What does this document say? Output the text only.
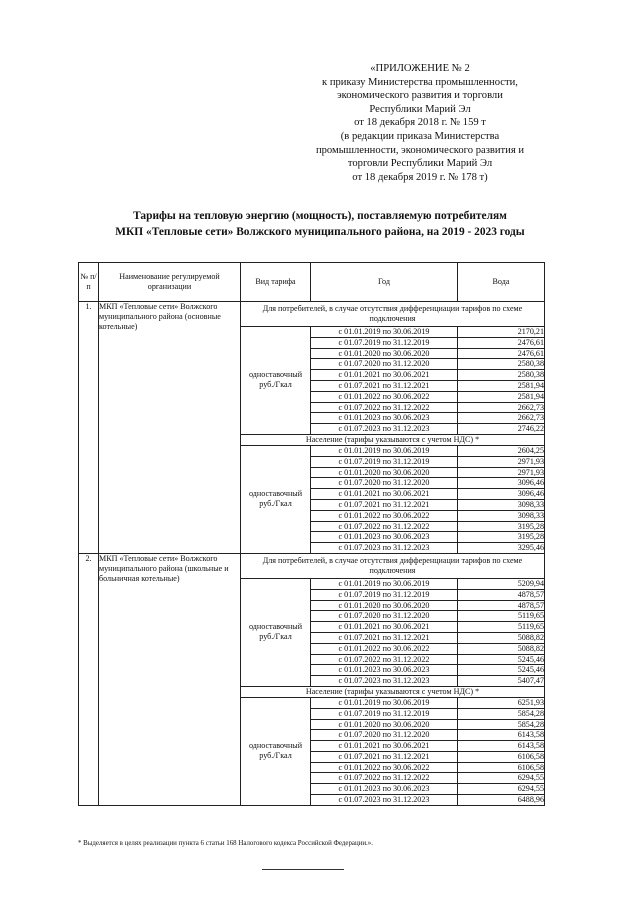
«ПРИЛОЖЕНИЕ № 2
к приказу Министерства промышленности,
экономического развития и торговли
Республики Марий Эл
от 18 декабря 2018 г. № 159 т
(в редакции приказа Министерства
промышленности, экономического развития и
торговли Республики Марий Эл
от 18 декабря 2019 г. № 178 т)
Тарифы на тепловую энергию (мощность), поставляемую потребителям
МКП «Тепловые сети» Волжского муниципального района, на 2019 - 2023 годы
№ п/п	Наименование регулируемой организации	Вид тарифа	Год	Вода
1.	МКП «Тепловые сети» Волжского муниципального района (основные котельные)	Для потребителей, в случае отсутствия дифференциации тарифов по схеме подключения		
		одноставочный руб./Гкал	с 01.01.2019 по 30.06.2019	2170,21
			с 01.07.2019 по 31.12.2019	2476,61
			с 01.01.2020 по 30.06.2020	2476,61
			с 01.07.2020 по 31.12.2020	2580,38
			с 01.01.2021 по 30.06.2021	2580,38
			с 01.07.2021 по 31.12.2021	2581,94
			с 01.01.2022 по 30.06.2022	2581,94
			с 01.07.2022 по 31.12.2022	2662,73
			с 01.01.2023 по 30.06.2023	2662,73
			с 01.07.2023 по 31.12.2023	2746,22
		Население (тарифы указываются с учетом НДС) *		
		одноставочный руб./Гкал	с 01.01.2019 по 30.06.2019	2604,25
			с 01.07.2019 по 31.12.2019	2971,93
			с 01.01.2020 по 30.06.2020	2971,93
			с 01.07.2020 по 31.12.2020	3096,46
			с 01.01.2021 по 30.06.2021	3096,46
			с 01.07.2021 по 31.12.2021	3098,33
			с 01.01.2022 по 30.06.2022	3098,33
			с 01.07.2022 по 31.12.2022	3195,28
			с 01.01.2023 по 30.06.2023	3195,28
			с 01.07.2023 по 31.12.2023	3295,46
2.	МКП «Тепловые сети» Волжского муниципального района (школьные и больничная котельные)	Для потребителей, в случае отсутствия дифференциации тарифов по схеме подключения		
		одноставочный руб./Гкал	с 01.01.2019 по 30.06.2019	5209,94
			с 01.07.2019 по 31.12.2019	4878,57
			с 01.01.2020 по 30.06.2020	4878,57
			с 01.07.2020 по 31.12.2020	5119,65
			с 01.01.2021 по 30.06.2021	5119,65
			с 01.07.2021 по 31.12.2021	5088,82
			с 01.01.2022 по 30.06.2022	5088,82
			с 01.07.2022 по 31.12.2022	5245,46
			с 01.01.2023 по 30.06.2023	5245,46
			с 01.07.2023 по 31.12.2023	5407,47
		Население (тарифы указываются с учетом НДС) *		
		одноставочный руб./Гкал	с 01.01.2019 по 30.06.2019	6251,93
			с 01.07.2019 по 31.12.2019	5854,28
			с 01.01.2020 по 30.06.2020	5854,28
			с 01.07.2020 по 31.12.2020	6143,58
			с 01.01.2021 по 30.06.2021	6143,58
			с 01.07.2021 по 31.12.2021	6106,58
			с 01.01.2022 по 30.06.2022	6106,58
			с 01.07.2022 по 31.12.2022	6294,55
			с 01.01.2023 по 30.06.2023	6294,55
			с 01.07.2023 по 31.12.2023	6488,96
* Выделяется в целях реализации пункта 6 статьи 168 Налогового кодекса Российской Федерации.».
